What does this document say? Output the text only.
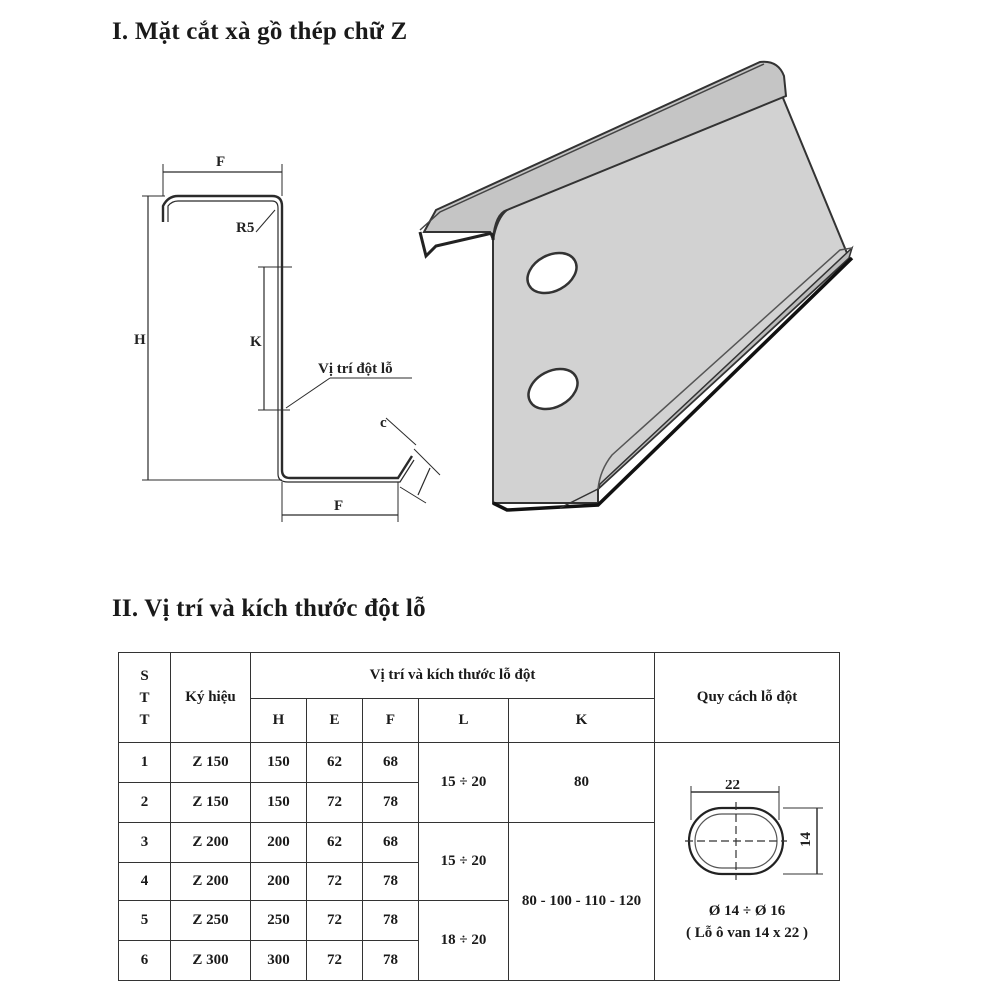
I. Mặt cắt xà gồ thép chữ Z
F
R5
H	K
Vị trí đột lỗ
F
c
II. Vị trí và kích thước đột lỗ
S
T
T	Ký hiệu	Vị trí và kích thước lỗ đột					Quy cách lỗ đột
		H	E	F	L	K	
1	Z 150	150	62	68	15 ÷ 20	80	22
14
Ø 14 ÷ Ø 16
( Lỗ ô van 14 x 22 )

2	Z 150	150	72	78			
3	Z 200	200	62	68	15 ÷ 20	80 - 100 - 110 - 120	
4	Z 200	200	72	78			
5	Z 250	250	72	78	18 ÷ 20		
6	Z 300	300	72	78			
